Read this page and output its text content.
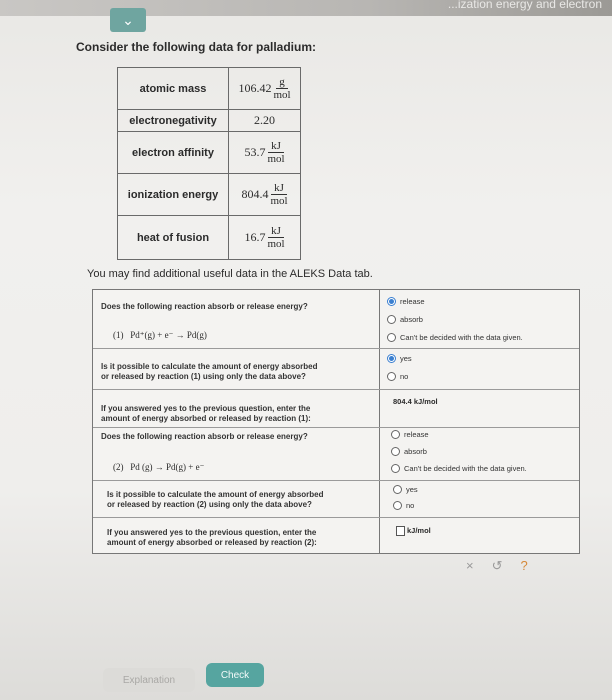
...ization energy and electron
⌄
Consider the following data for palladium:
atomic mass	$106.42 \frac{g}{\text{mol}}$

electronegativity	2.20

electron affinity	$53.7 \frac{kJ}{\text{mol}}$

ionization energy	$804.4 \frac{kJ}{\text{mol}}$

heat of fusion	$16.7 \frac{kJ}{\text{mol}}$
You may find additional useful data in the ALEKS Data tab.
Does the following reaction absorb or release energy?
(1) Pd⁺(g) + e⁻ → Pd(g)
release
absorb
Can't be decided with the data given.
Is it possible to calculate the amount of energy absorbed
or released by reaction (1) using only the data above?
yes
no
If you answered yes to the previous question, enter the
amount of energy absorbed or released by reaction (1):
804.4 kJ/mol
Does the following reaction absorb or release energy?
(2) Pd (g) → Pd(g) + e⁻
release
absorb
Can't be decided with the data given.
Is it possible to calculate the amount of energy absorbed
or released by reaction (2) using only the data above?
yes
no
If you answered yes to the previous question, enter the
amount of energy absorbed or released by reaction (2):
kJ/mol
× ↺ ?
Explanation	Check
